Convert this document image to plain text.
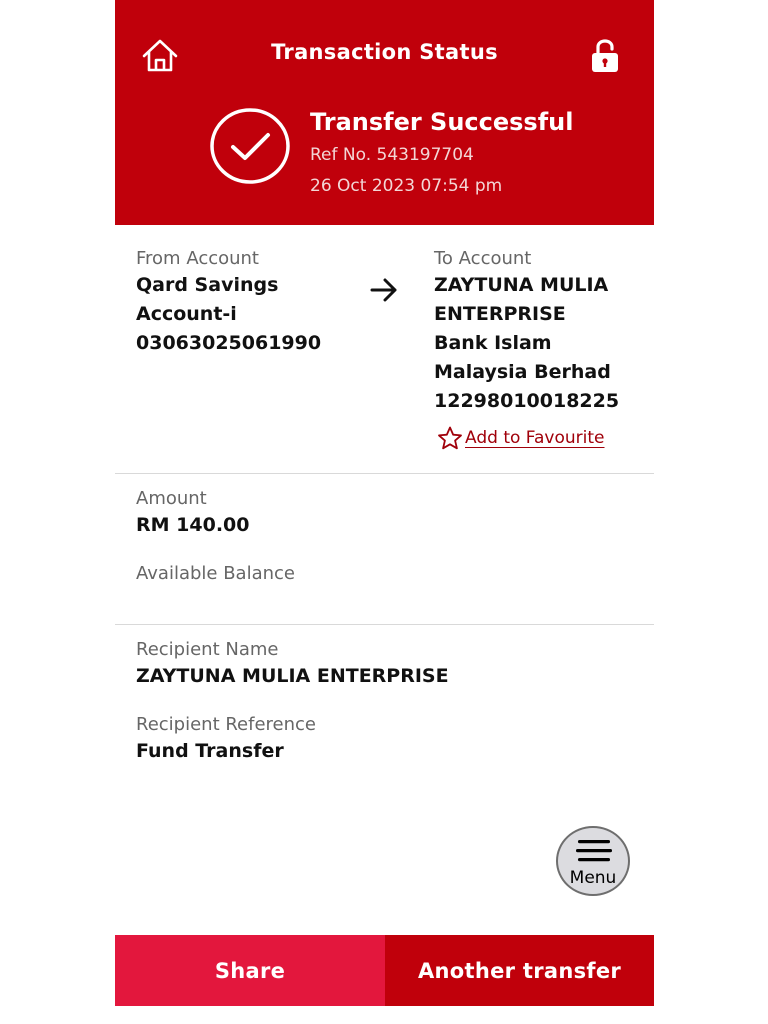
Transaction Status
Transfer Successful
Ref No. 543197704
26 Oct 2023 07:54 pm
From Account
Qard Savings
Account-i
03063025061990
To Account
ZAYTUNA MULIA
ENTERPRISE
Bank Islam
Malaysia Berhad
12298010018225
Add to Favourite
Amount
RM 140.00
Available Balance
Recipient Name
ZAYTUNA MULIA ENTERPRISE
Recipient Reference
Fund Transfer
Menu
Share	Another transfer
